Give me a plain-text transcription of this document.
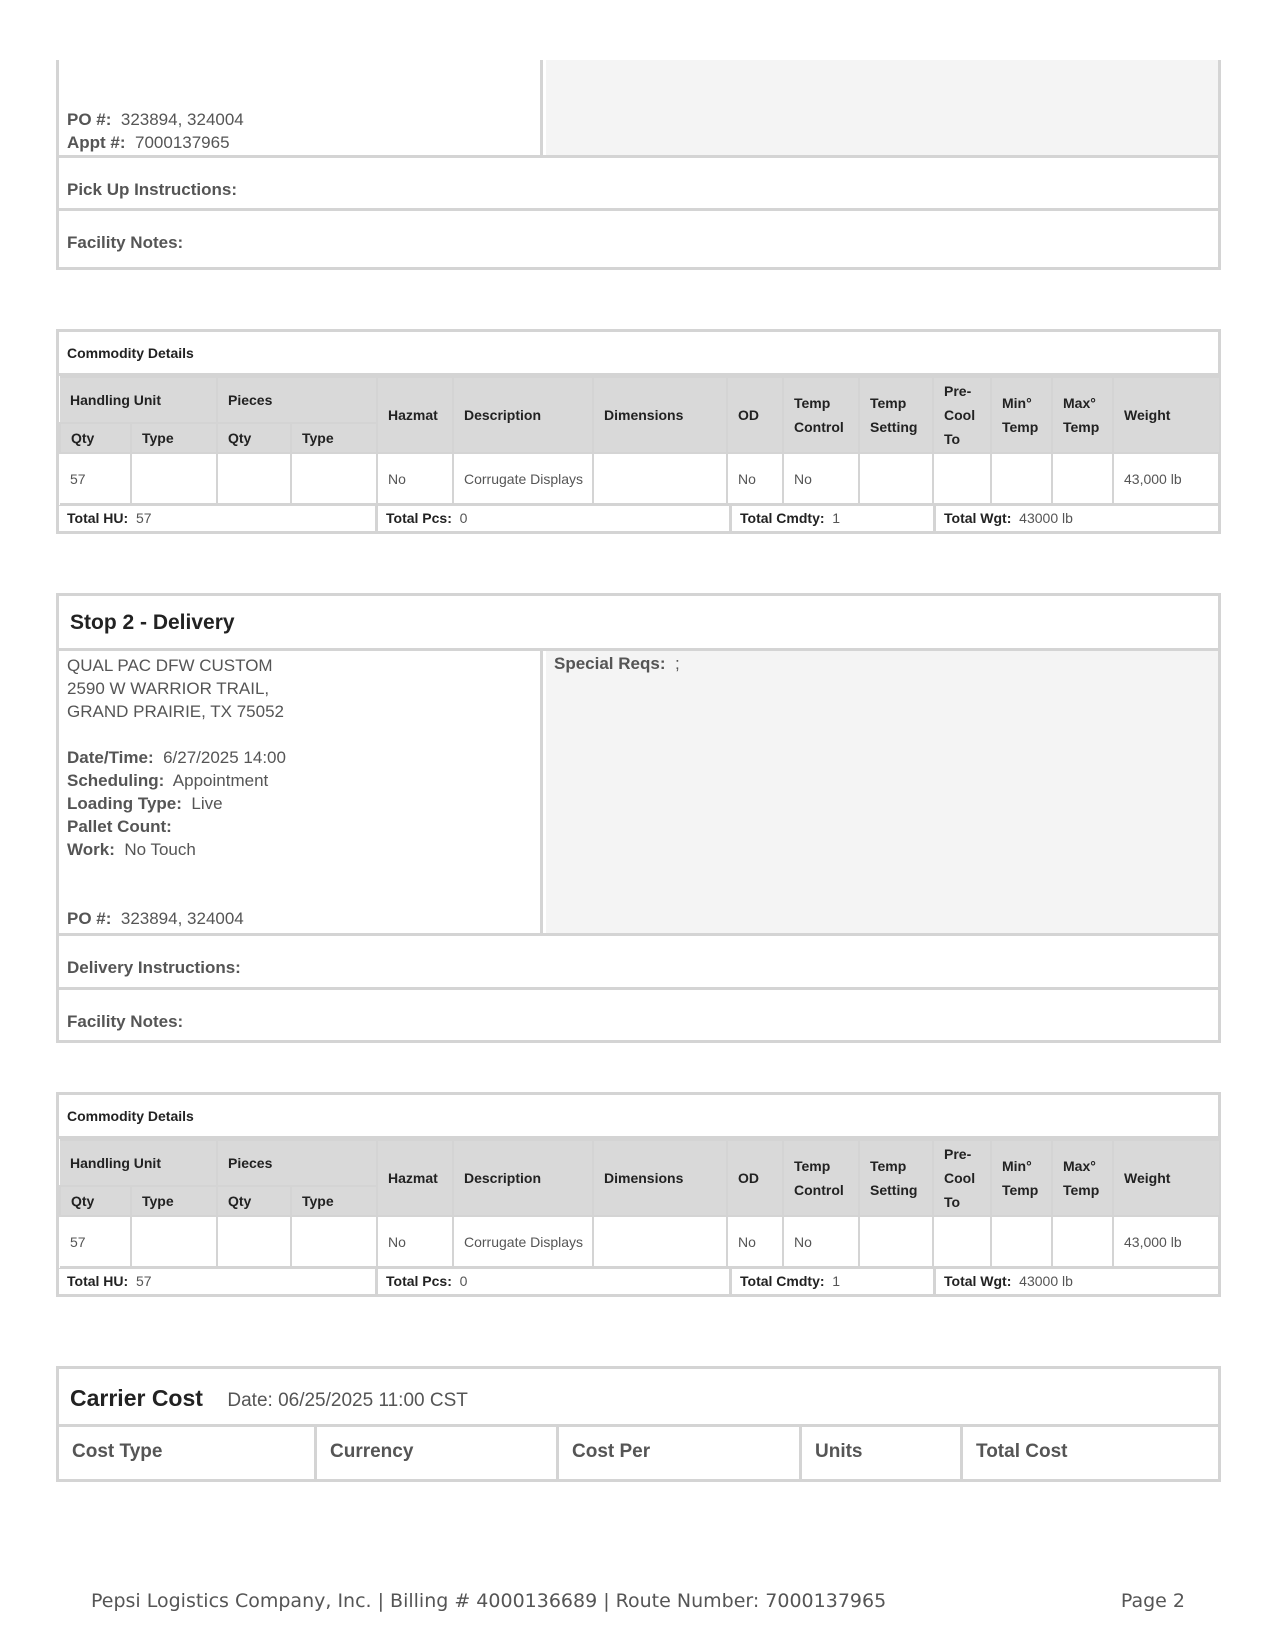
PO #: 323894, 324004
Appt #: 7000137965
Pick Up Instructions:
Facility Notes:
Commodity Details
Handling Unit		Pieces		Hazmat	Description	Dimensions	OD	Temp Control	Temp Setting	Pre-Cool To	Min° Temp	Max° Temp	Weight
Qty	Type	Qty	Type										
57				No	Corrugate Displays		No	No					43,000 lb
Total HU: 57	Total Pcs: 0	Total Cmdty: 1	Total Wgt: 43000 lb
Stop 2 - Delivery
QUAL PAC DFW CUSTOM
2590 W WARRIOR TRAIL,
GRAND PRAIRIE, TX 75052
Date/Time: 6/27/2025 14:00
Scheduling: Appointment
Loading Type: Live
Pallet Count:
Work: No Touch
PO #: 323894, 324004
Special Reqs: ;
Delivery Instructions:
Facility Notes:
Commodity Details
Handling Unit		Pieces		Hazmat	Description	Dimensions	OD	Temp Control	Temp Setting	Pre-Cool To	Min° Temp	Max° Temp	Weight
Qty	Type	Qty	Type										
57				No	Corrugate Displays		No	No					43,000 lb
Total HU: 57	Total Pcs: 0	Total Cmdty: 1	Total Wgt: 43000 lb
Carrier Cost Date: 06/25/2025 11:00 CST
Cost Type	Currency	Cost Per	Units	Total Cost
Pepsi Logistics Company, Inc. | Billing # 4000136689 | Route Number: 7000137965	Page 2
